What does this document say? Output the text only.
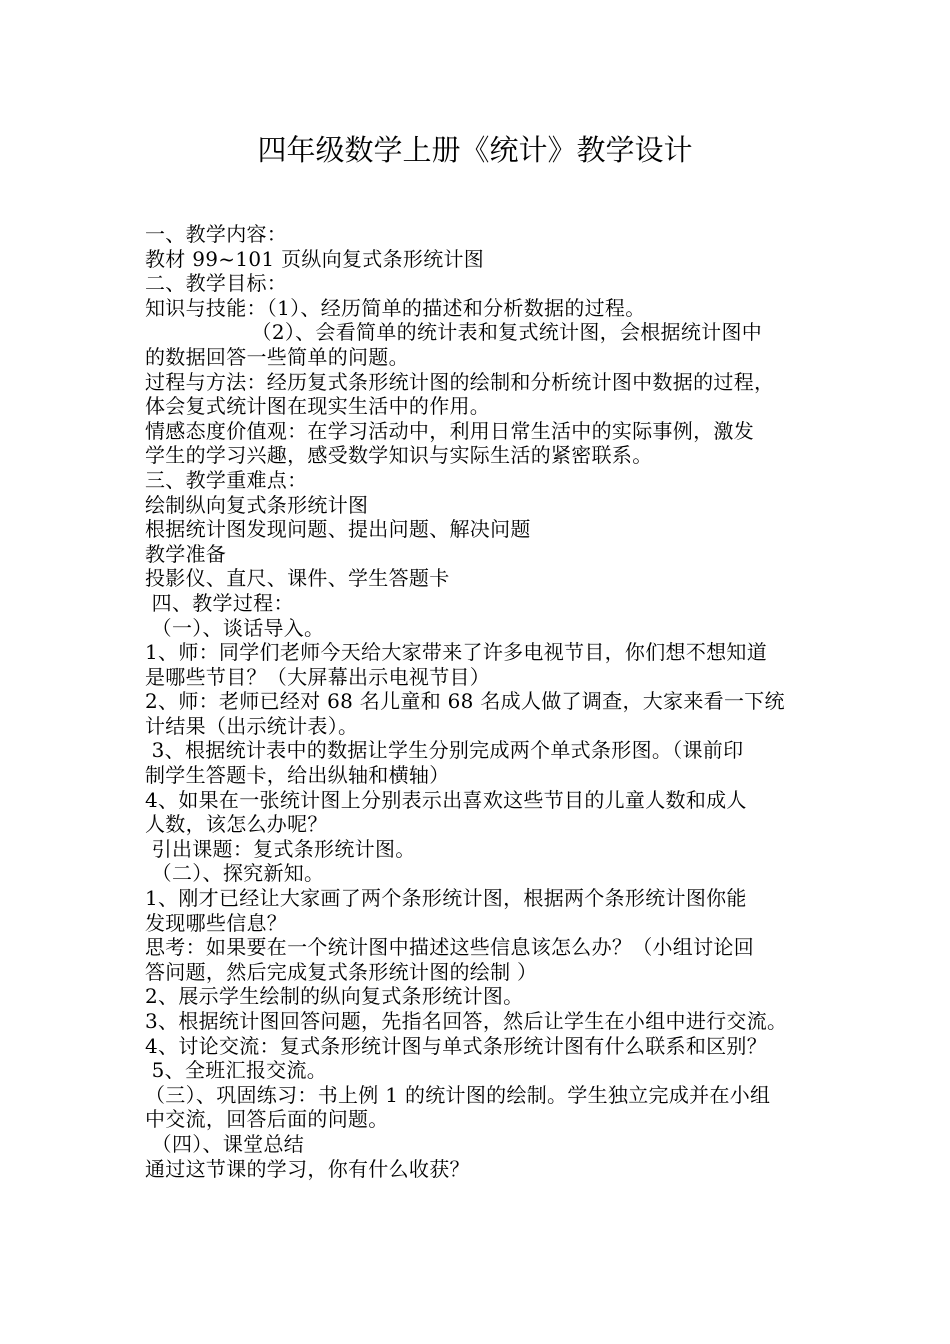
四年级数学上册《统计》教学设计
一、教学内容：
教材 99~101 页纵向复式条形统计图
二、教学目标：
知识与技能：（1）、经历简单的描述和分析数据的过程。
（2）、会看简单的统计表和复式统计图，会根据统计图中
的数据回答一些简单的问题。
过程与方法：经历复式条形统计图的绘制和分析统计图中数据的过程，
体会复式统计图在现实生活中的作用。
情感态度价值观：在学习活动中，利用日常生活中的实际事例，激发
学生的学习兴趣，感受数学知识与实际生活的紧密联系。
三、教学重难点：
绘制纵向复式条形统计图
根据统计图发现问题、提出问题、解决问题
教学准备
投影仪、直尺、课件、学生答题卡
四、教学过程：
（一）、谈话导入。
1、师：同学们老师今天给大家带来了许多电视节目，你们想不想知道
是哪些节目？（大屏幕出示电视节目）
2、师：老师已经对 68 名儿童和 68 名成人做了调查，大家来看一下统
计结果（出示统计表）。
3、根据统计表中的数据让学生分别完成两个单式条形图。（课前印
制学生答题卡，给出纵轴和横轴）
4、如果在一张统计图上分别表示出喜欢这些节目的儿童人数和成人
人数，该怎么办呢？
引出课题：复式条形统计图。
（二）、探究新知。
1、刚才已经让大家画了两个条形统计图，根据两个条形统计图你能
发现哪些信息？
思考：如果要在一个统计图中描述这些信息该怎么办？（小组讨论回
答问题，然后完成复式条形统计图的绘制 ）
2、展示学生绘制的纵向复式条形统计图。
3、根据统计图回答问题，先指名回答，然后让学生在小组中进行交流。
4、讨论交流：复式条形统计图与单式条形统计图有什么联系和区别？
5、全班汇报交流。
（三）、巩固练习：书上例 1 的统计图的绘制。学生独立完成并在小组
中交流，回答后面的问题。
（四）、课堂总结
通过这节课的学习，你有什么收获？
